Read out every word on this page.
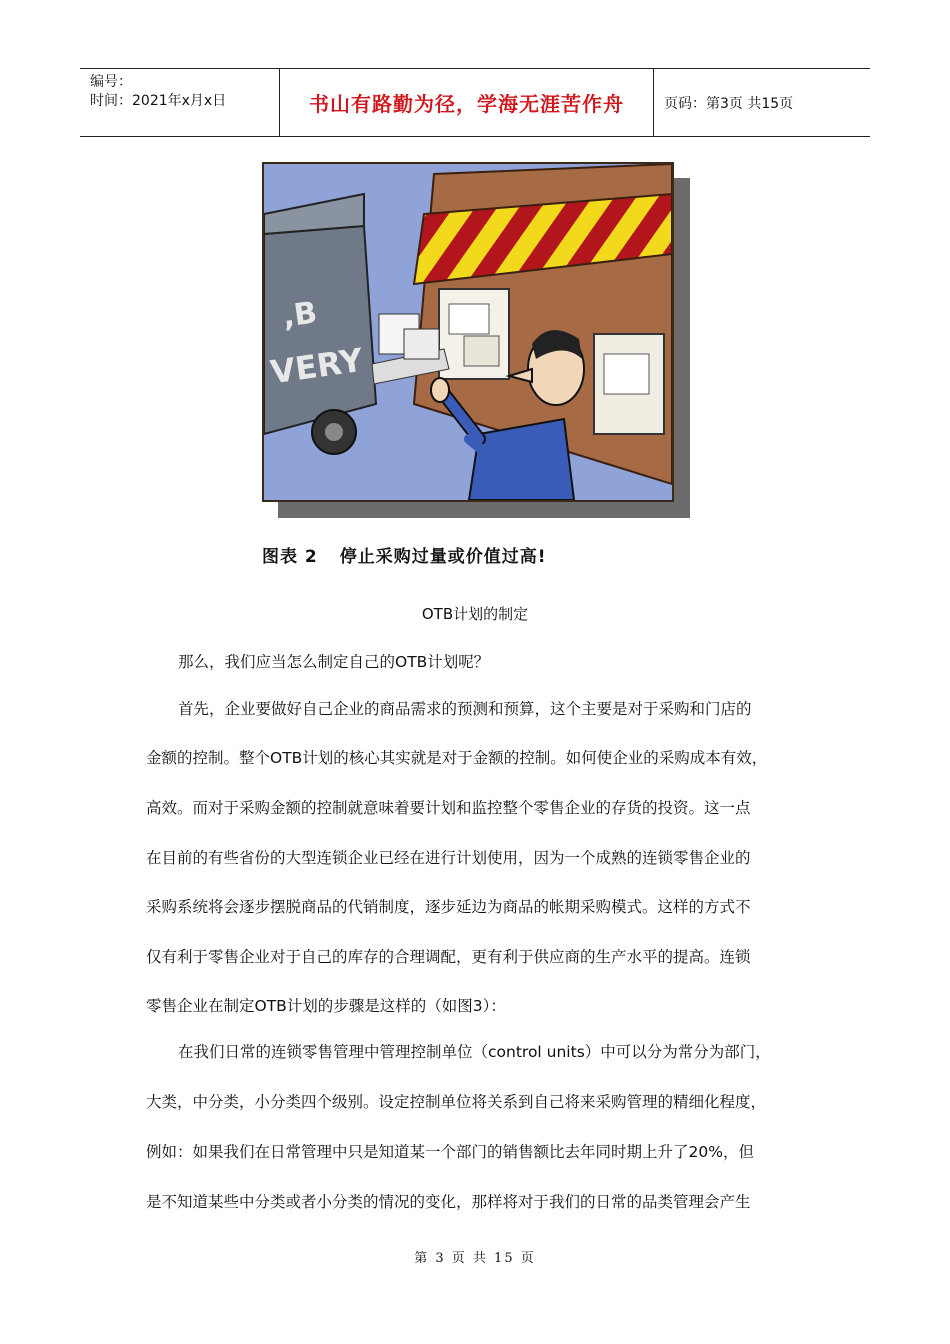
编号：
时间：2021年x月x日	书山有路勤为径，学海无涯苦作舟	页码：第3页 共15页
,B
VERY
图表 2 停止采购过量或价值过高!
OTB计划的制定
那么，我们应当怎么制定自己的OTB计划呢？
首先，企业要做好自己企业的商品需求的预测和预算，这个主要是对于采购和门店的
金额的控制。整个OTB计划的核心其实就是对于金额的控制。如何使企业的采购成本有效，
高效。而对于采购金额的控制就意味着要计划和监控整个零售企业的存货的投资。这一点
在目前的有些省份的大型连锁企业已经在进行计划使用，因为一个成熟的连锁零售企业的
采购系统将会逐步摆脱商品的代销制度，逐步延边为商品的帐期采购模式。这样的方式不
仅有利于零售企业对于自己的库存的合理调配，更有利于供应商的生产水平的提高。连锁
零售企业在制定OTB计划的步骤是这样的（如图3）：
在我们日常的连锁零售管理中管理控制单位（control units）中可以分为常分为部门，
大类，中分类，小分类四个级别。设定控制单位将关系到自己将来采购管理的精细化程度，
例如：如果我们在日常管理中只是知道某一个部门的销售额比去年同时期上升了20%，但
是不知道某些中分类或者小分类的情况的变化，那样将对于我们的日常的品类管理会产生
第 3 页 共 15 页
